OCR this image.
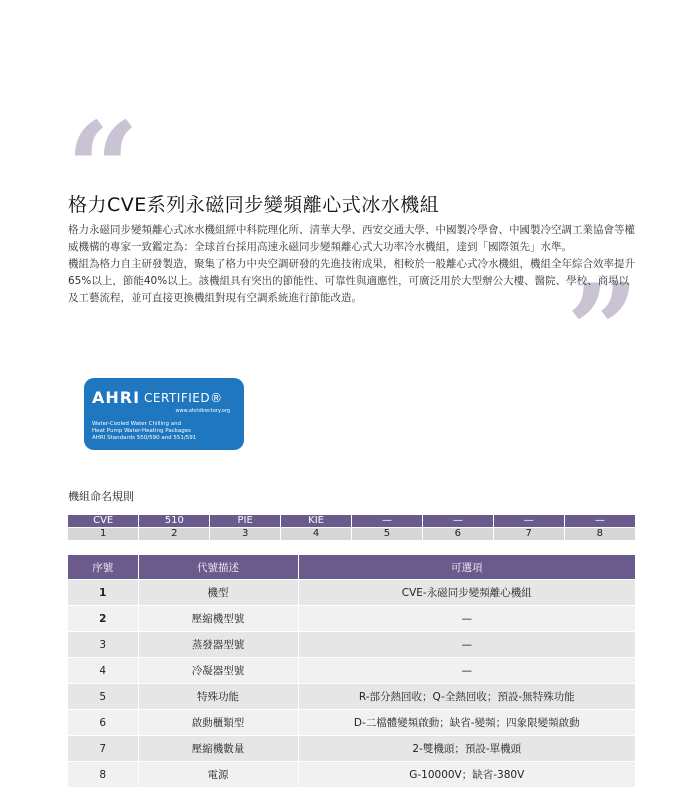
“
”
格力CVE系列永磁同步變頻離心式冰水機組

格力永磁同步變頻離心式冰水機組經中科院理化所、清華大學、西安交通大學、中國製冷學會、中國製冷空調工業協會等權威機構的專家一致鑑定為：全球首台採用高速永磁同步變頻離心式大功率冷水機組，達到「國際領先」水準。

機組為格力自主研發製造，聚集了格力中央空調研發的先進技術成果，相較於一般離心式冷水機組，機組全年綜合效率提升65%以上，節能40%以上。該機組具有突出的節能性、可靠性與適應性，可廣泛用於大型辦公大樓、醫院、學校、商場以及工藝流程，並可直接更換機組對現有空調系統進行節能改造。

AHRI CERTIFIED®
www.ahridirectory.org
Water-Cooled Water Chilling and
Heat Pump Water-Heating Packages
AHRI Standards 550/590 and 551/591
機組命名規則
CVE	510	PIE	KIE	—	—	—	—
1	2	3	4	5	6	7	8
序號	代號描述	可選項
1	機型	CVE-永磁同步變頻離心機組
2	壓縮機型號	—
3	蒸發器型號	—
4	冷凝器型號	—
5	特殊功能	R-部分熱回收；Q-全熱回收；預設-無特殊功能
6	啟動櫃類型	D-二檔體變頻啟動；缺省-變頻；四象限變頻啟動
7	壓縮機數量	2-雙機頭；預設-單機頭
8	電源	G-10000V；缺省-380V
